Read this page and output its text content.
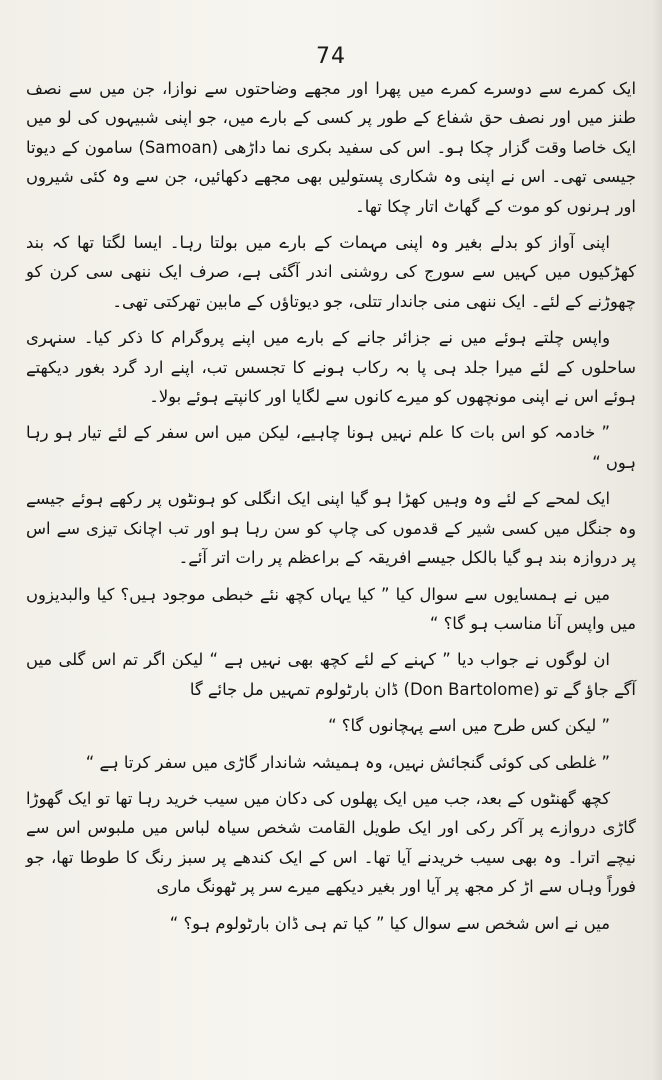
74

ایک کمرے سے دوسرے کمرے میں پھرا اور مجھے وضاحتوں سے نوازا، جن میں سے نصف طنز میں اور نصف حق شفاع کے طور پر کسی کے بارے میں، جو اپنی شبیہوں کی لو میں ایک خاصا وقت گزار چکا ہو۔ اس کی سفید بکری نما داڑھی (Samoan) سامون کے دیوتا جیسی تھی۔ اس نے اپنی وہ شکاری پستولیں بھی مجھے دکھائیں، جن سے وہ کئی شیروں اور ہرنوں کو موت کے گھاٹ اتار چکا تھا۔

اپنی آواز کو بدلے بغیر وہ اپنی مہمات کے بارے میں بولتا رہا۔ ایسا لگتا تھا کہ بند کھڑکیوں میں کہیں سے سورج کی روشنی اندر آگئی ہے، صرف ایک ننھی سی کرن کو چھوڑنے کے لئے۔ ایک ننھی منی جاندار تتلی، جو دیوتاؤں کے مابین تھرکتی تھی۔

واپس چلتے ہوئے میں نے جزائر جانے کے بارے میں اپنے پروگرام کا ذکر کیا۔ سنہری ساحلوں کے لئے میرا جلد ہی پا بہ رکاب ہونے کا تجسس تب، اپنے ارد گرد بغور دیکھتے ہوئے اس نے اپنی مونچھوں کو میرے کانوں سے لگایا اور کانپتے ہوئے بولا۔

” خادمہ کو اس بات کا علم نہیں ہونا چاہیے، لیکن میں اس سفر کے لئے تیار ہو رہا ہوں “

ایک لمحے کے لئے وہ وہیں کھڑا ہو گیا اپنی ایک انگلی کو ہونٹوں پر رکھے ہوئے جیسے وہ جنگل میں کسی شیر کے قدموں کی چاپ کو سن رہا ہو اور تب اچانک تیزی سے اس پر دروازہ بند ہو گیا بالکل جیسے افریقہ کے براعظم پر رات اتر آئے۔

میں نے ہمسایوں سے سوال کیا ” کیا یہاں کچھ نئے خبطی موجود ہیں؟ کیا والبدیزوں میں واپس آنا مناسب ہو گا؟ “

ان لوگوں نے جواب دیا ” کہنے کے لئے کچھ بھی نہیں ہے “ لیکن اگر تم اس گلی میں آگے جاؤ گے تو (Don Bartolome) ڈان بارٹولوم تمہیں مل جائے گا

” لیکن کس طرح میں اسے پہچانوں گا؟ “

” غلطی کی کوئی گنجائش نہیں، وہ ہمیشہ شاندار گاڑی میں سفر کرتا ہے “

کچھ گھنٹوں کے بعد، جب میں ایک پھلوں کی دکان میں سیب خرید رہا تھا تو ایک گھوڑا گاڑی دروازے پر آکر رکی اور ایک طویل القامت شخص سیاہ لباس میں ملبوس اس سے نیچے اترا۔ وہ بھی سیب خریدنے آیا تھا۔ اس کے ایک کندھے پر سبز رنگ کا طوطا تھا، جو فوراً وہاں سے اڑ کر مجھ پر آیا اور بغیر دیکھے میرے سر پر ٹھونگ ماری

میں نے اس شخص سے سوال کیا ” کیا تم ہی ڈان بارٹولوم ہو؟ “
